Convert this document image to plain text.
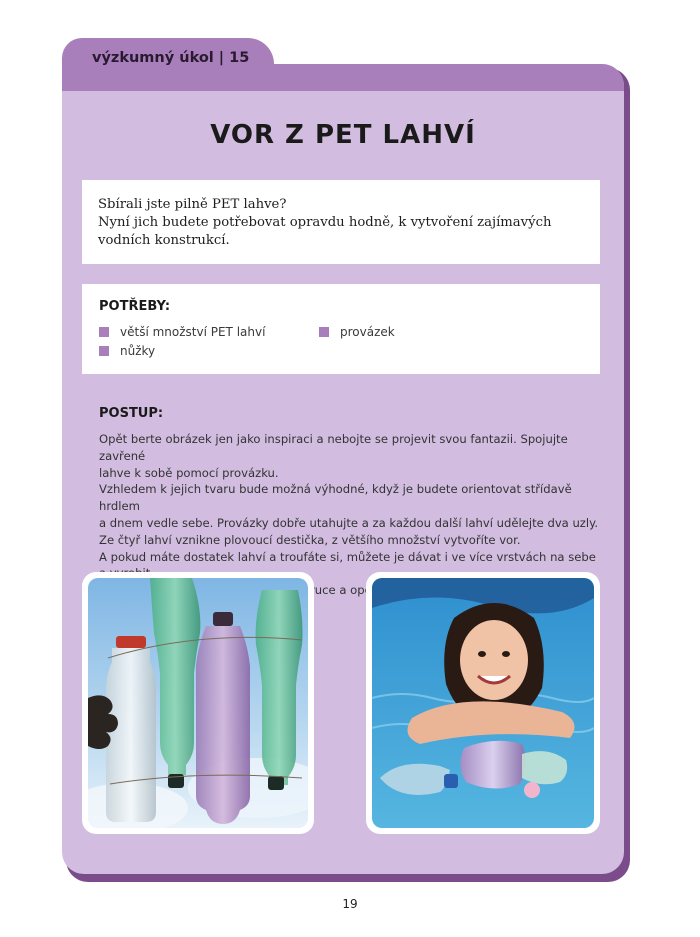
výzkumný úkol | 15
VOR Z PET LAHVÍ

Sbírali jste pilně PET lahve?
Nyní jich budete potřebovat opravdu hodně, k vytvoření zajímavých vodních konstrukcí.

POTŘEBY:
větší množství PET lahví	provázek
nůžky
POSTUP:

Opět berte obrázek jen jako inspiraci a nebojte se projevit svou fantazii. Spojujte zavřené
lahve k sobě pomocí provázku.
Vzhledem k jejich tvaru bude možná výhodné, když je budete orientovat střídavě hrdlem
a dnem vedle sebe. Provázky dobře utahujte a za každou další lahví udělejte dva uzly.
Ze čtyř lahví vznikne plovoucí destička, z většího množství vytvoříte vor.
A pokud máte dostatek lahví a troufáte si, můžete je dávat i ve více vrstvách na sebe
ruce a

19
